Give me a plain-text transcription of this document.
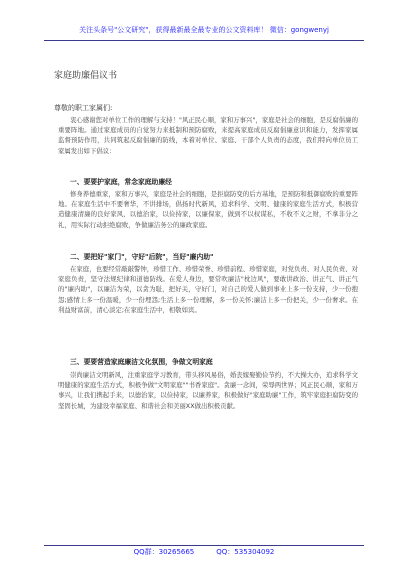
关注头条号"公文研究"，获得最新最全最专业的公文资料库！ 微信：gongwenyj
家庭助廉倡议书
尊敬的职工家属们:

衷心感谢您对单位工作的理解与支持！"风正民心顺，家和万事兴"，家庭是社会的细胞，是反腐倡廉的重要阵地。通过家庭成员的自觉努力来抵制和预防腐败，来提高家庭成员反腐倡廉意识和能力，发挥家属监督预防作用，共同筑起反腐倡廉的防线，本着对单位、家庭、干部个人负责的态度，我们特向单位员工家属发出如下倡议：

一、要要护家庭，常念家庭助廉经

修身养德重家，家和万事兴，家庭是社会的细胞，是拒腐防变的后方基地，是预防和抵御腐败的重要阵地。在家庭生活中不要奢华，不讲排场，倡扬时代新风，追求科学、文明、健康的家庭生活方式，积极营造健康清廉的良好家风，以德治家，以俭持家，以廉保家，做到不以权谋私，不收不义之财，不拿非分之礼，用实际行动拒绝腐败，争做廉洁务公的廉政家庭。

二、要把好"家门"，守好"后院"，当好"廉内助"

在家庭，也要经常敲敲警钟，珍惜工作、珍惜荣誉、珍惜前程、珍惜家庭，对党负责、对人民负责、对家庭负责，坚守法规纪律和道德防线。在爱人身边，要常吹廉洁"枕边风"，要敢讲政治、讲正气、讲正气的"廉内助"，以廉洁为荣，以贪为耻，把好关，守好门，对自己的爱人做到事业上多一份支持，少一份抱怨;感情上多一份温暖，少一份埋怨;生活上多一份理解，多一份关怀;廉洁上多一份把关，少一份奢求。在利益财富前，清心淡定;在家庭生活中，相敬如宾。

三、要要营造家庭廉洁文化氛围，争做文明家庭

崇尚廉洁文明新风，注重家庭学习教育，带头移风易俗，婚丧嫁娶勤俭节约，不大操大办，追求科学文明健康的家庭生活方式，积极争做"文明家庭""书香家庭"。贪廉一念间，荣辱两世界；风正民心顺，家和万事兴，让我们携起手来，以德治家，以俭持家，以廉养家，积极做好"家庭助廉"工作，筑牢家庭拒腐防变的坚固长城，为建设幸福家庭、和谐社会和美丽XX做出积极贡献。

QQ群：30265665	QQ：535304092
